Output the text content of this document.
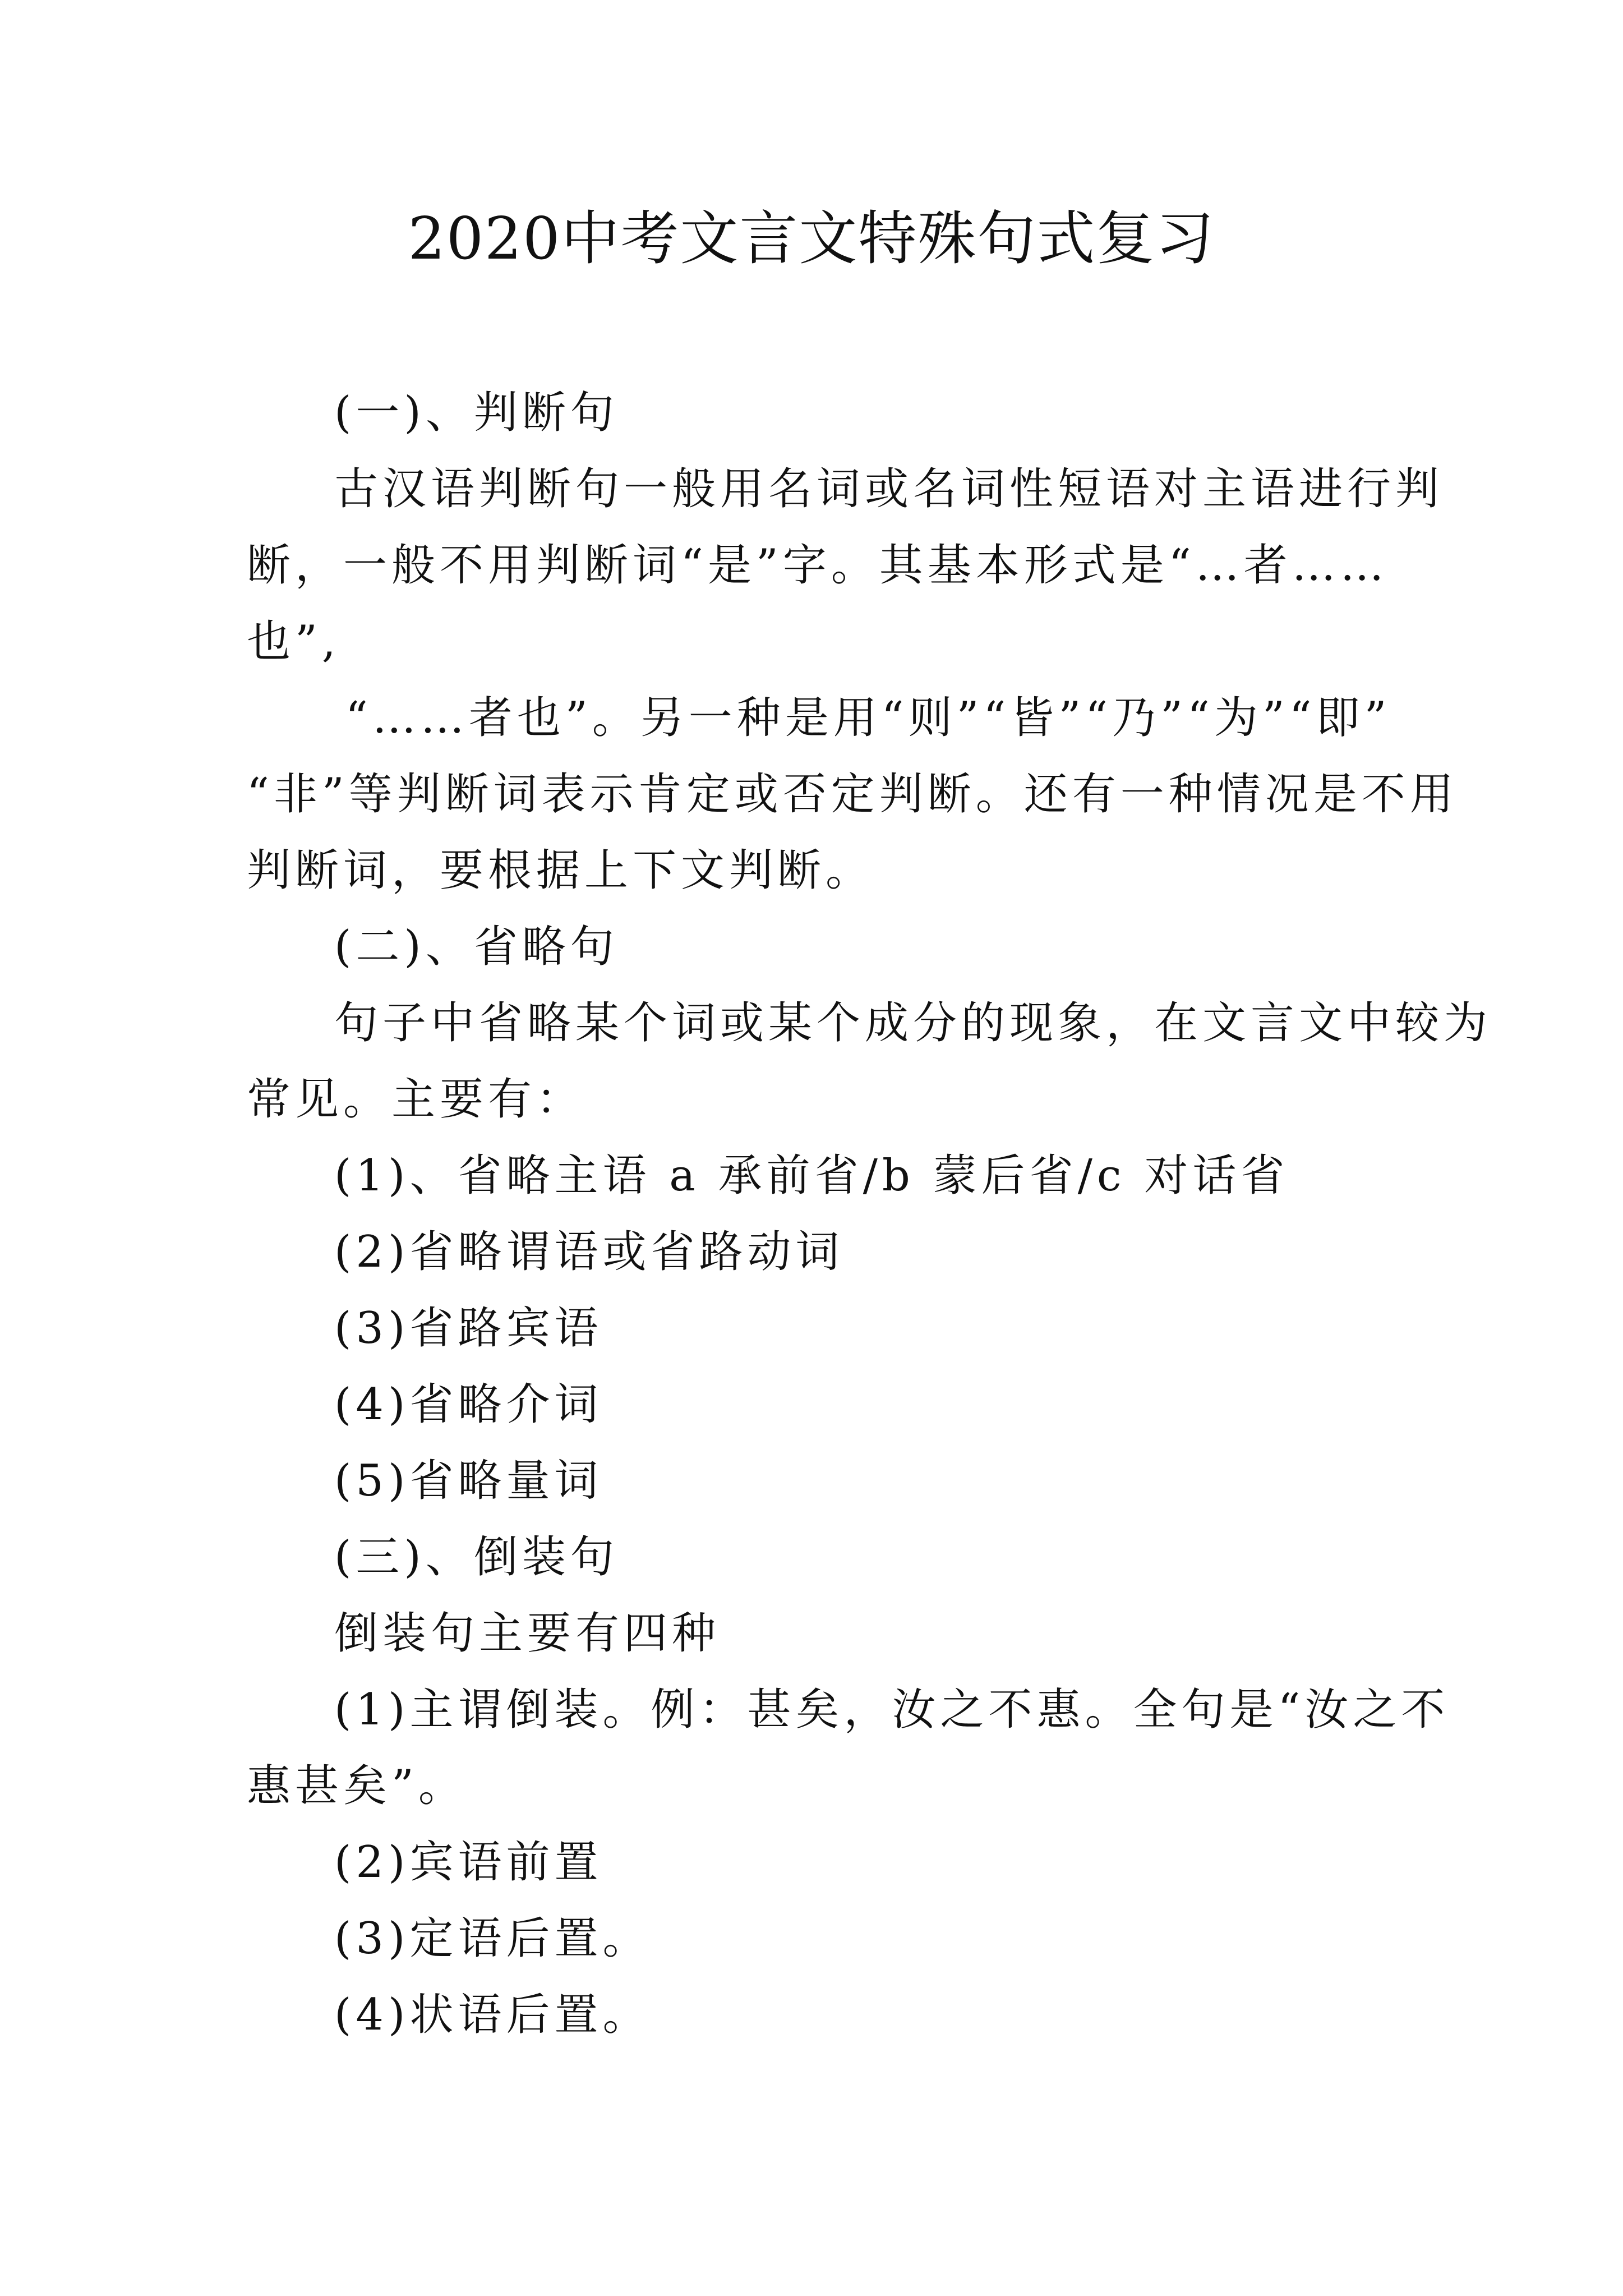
2020中考文言文特殊句式复习
(一)、判断句
古汉语判断句一般用名词或名词性短语对主语进行判
断，一般不用判断词“是”字。其基本形式是“…者……
也”,
“……者也”。另一种是用“则”“皆”“乃”“为”“即”
“非”等判断词表示肯定或否定判断。还有一种情况是不用
判断词，要根据上下文判断。
(二)、省略句
句子中省略某个词或某个成分的现象，在文言文中较为
常见。主要有：
(1)、省略主语 a 承前省/b 蒙后省/c 对话省
(2)省略谓语或省路动词
(3)省路宾语
(4)省略介词
(5)省略量词
(三)、倒装句
倒装句主要有四种
(1)主谓倒装。例：甚矣，汝之不惠。全句是“汝之不
惠甚矣”。
(2)宾语前置
(3)定语后置。
(4)状语后置。
